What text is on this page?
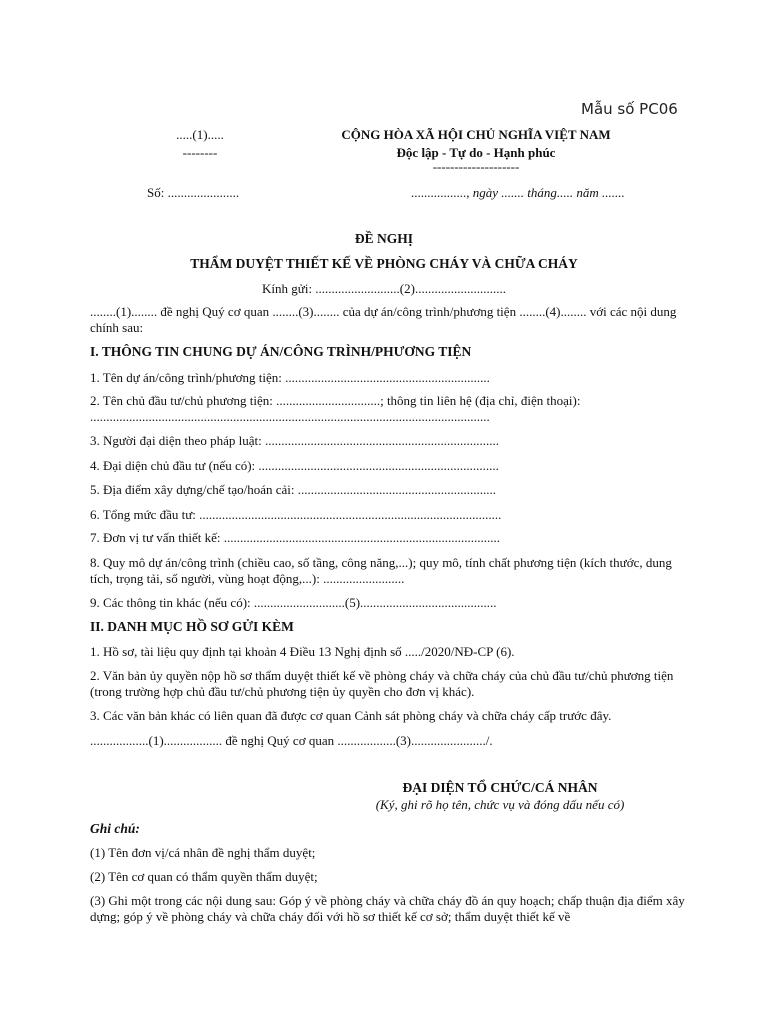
Mẫu số PC06
.....(1).....
--------
CỘNG HÒA XÃ HỘI CHỦ NGHĨA VIỆT NAM
Độc lập - Tự do - Hạnh phúc
--------------------
Số: ......................	................., ngày ....... tháng..... năm .......
ĐỀ NGHỊ
THẨM DUYỆT THIẾT KẾ VỀ PHÒNG CHÁY VÀ CHỮA CHÁY
Kính gửi: ..........................(2)............................
........(1)........ đề nghị Quý cơ quan ........(3)........ của dự án/công trình/phương tiện ........(4)........ với các nội dung chính sau:
I. THÔNG TIN CHUNG DỰ ÁN/CÔNG TRÌNH/PHƯƠNG TIỆN
1. Tên dự án/công trình/phương tiện: ...............................................................
2. Tên chủ đầu tư/chủ phương tiện: ................................; thông tin liên hệ (địa chỉ, điện thoại): ...........................................................................................................................
3. Người đại diện theo pháp luật: ........................................................................
4. Đại diện chủ đầu tư (nếu có): ..........................................................................
5. Địa điểm xây dựng/chế tạo/hoán cải: .............................................................
6. Tổng mức đầu tư: .............................................................................................
7. Đơn vị tư vấn thiết kế: .....................................................................................
8. Quy mô dự án/công trình (chiều cao, số tầng, công năng,...); quy mô, tính chất phương tiện (kích thước, dung tích, trọng tải, số người, vùng hoạt động,...): .........................
9. Các thông tin khác (nếu có): ............................(5)..........................................
II. DANH MỤC HỒ SƠ GỬI KÈM
1. Hồ sơ, tài liệu quy định tại khoản 4 Điều 13 Nghị định số ...../2020/NĐ-CP (6).
2. Văn bản ủy quyền nộp hồ sơ thẩm duyệt thiết kế về phòng cháy và chữa cháy của chủ đầu tư/chủ phương tiện (trong trường hợp chủ đầu tư/chủ phương tiện ủy quyền cho đơn vị khác).
3. Các văn bản khác có liên quan đã được cơ quan Cảnh sát phòng cháy và chữa cháy cấp trước đây.
..................(1).................. đề nghị Quý cơ quan ..................(3)......................./.
ĐẠI DIỆN TỔ CHỨC/CÁ NHÂN
(Ký, ghi rõ họ tên, chức vụ và đóng dấu nếu có)
Ghi chú:
(1) Tên đơn vị/cá nhân đề nghị thẩm duyệt;
(2) Tên cơ quan có thẩm quyền thẩm duyệt;
(3) Ghi một trong các nội dung sau: Góp ý về phòng cháy và chữa cháy đồ án quy hoạch; chấp thuận địa điểm xây dựng; góp ý về phòng cháy và chữa cháy đối với hồ sơ thiết kế cơ sở; thẩm duyệt thiết kế về
